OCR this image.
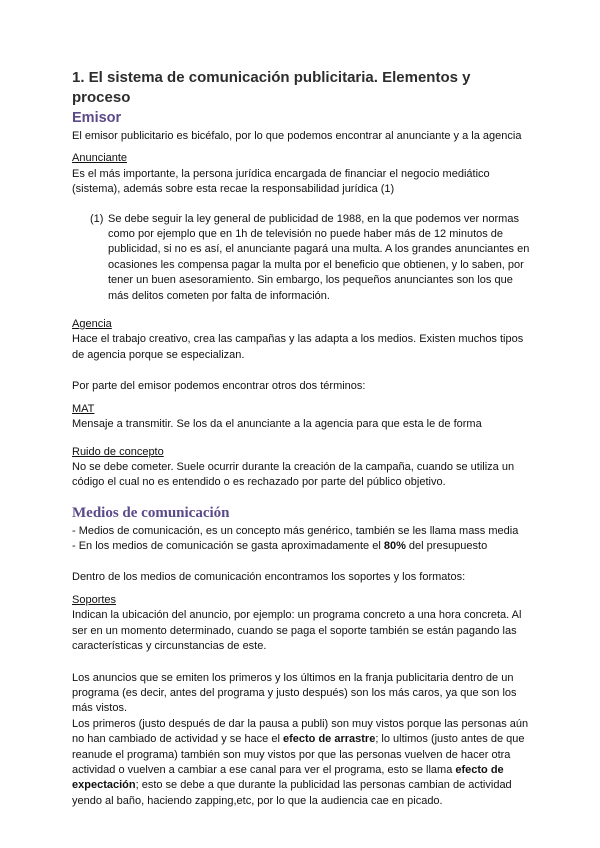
1. El sistema de comunicación publicitaria. Elementos y proceso
Emisor

El emisor publicitario es bicéfalo, por lo que podemos encontrar al anunciante y a la agencia

Anunciante

Es el más importante, la persona jurídica encargada de financiar el negocio mediático (sistema), además sobre esta recae la responsabilidad jurídica (1)

(1) Se debe seguir la ley general de publicidad de 1988, en la que podemos ver normas como por ejemplo que en 1h de televisión no puede haber más de 12 minutos de publicidad, si no es así, el anunciante pagará una multa. A los grandes anunciantes en ocasiones les compensa pagar la multa por el beneficio que obtienen, y lo saben, por tener un buen asesoramiento. Sin embargo, los pequeños anunciantes son los que más delitos cometen por falta de información.

Agencia

Hace el trabajo creativo, crea las campañas y las adapta a los medios. Existen muchos tipos de agencia porque se especializan.

Por parte del emisor podemos encontrar otros dos términos:

MAT

Mensaje a transmitir. Se los da el anunciante a la agencia para que esta le de forma

Ruido de concepto

No se debe cometer. Suele ocurrir durante la creación de la campaña, cuando se utiliza un código el cual no es entendido o es rechazado por parte del público objetivo.

Medios de comunicación

- Medios de comunicación, es un concepto más genérico, también se les llama mass media

- En los medios de comunicación se gasta aproximadamente el 80% del presupuesto

Dentro de los medios de comunicación encontramos los soportes y los formatos:

Soportes

Indican la ubicación del anuncio, por ejemplo: un programa concreto a una hora concreta. Al ser en un momento determinado, cuando se paga el soporte también se están pagando las características y circunstancias de este.

Los anuncios que se emiten los primeros y los últimos en la franja publicitaria dentro de un programa (es decir, antes del programa y justo después) son los más caros, ya que son los más vistos.

Los primeros (justo después de dar la pausa a publi) son muy vistos porque las personas aún no han cambiado de actividad y se hace el efecto de arrastre; lo ultimos (justo antes de que reanude el programa) también son muy vistos por que las personas vuelven de hacer otra actividad o vuelven a cambiar a ese canal para ver el programa, esto se llama efecto de expectación; esto se debe a que durante la publicidad las personas cambian de actividad yendo al baño, haciendo zapping,etc, por lo que la audiencia cae en picado.
